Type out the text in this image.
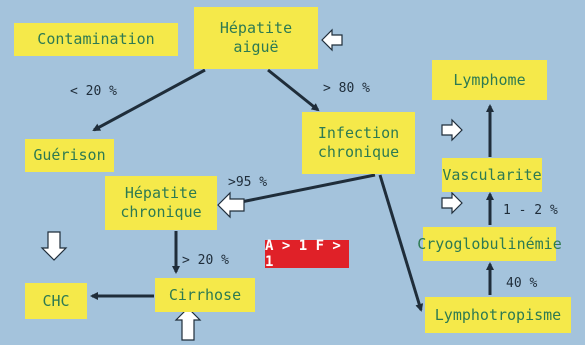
Contamination
Hépatite
aiguë
Infection
chronique
Guérison
Hépatite
chronique
CHC	Cirrhose
Lymphome
Vascularite
Cryoglobulinémie
Lymphotropisme
< 20 %	> 80 %
>95 %
> 20 %
1 - 2 %
40 %
A > 1 F > 1
